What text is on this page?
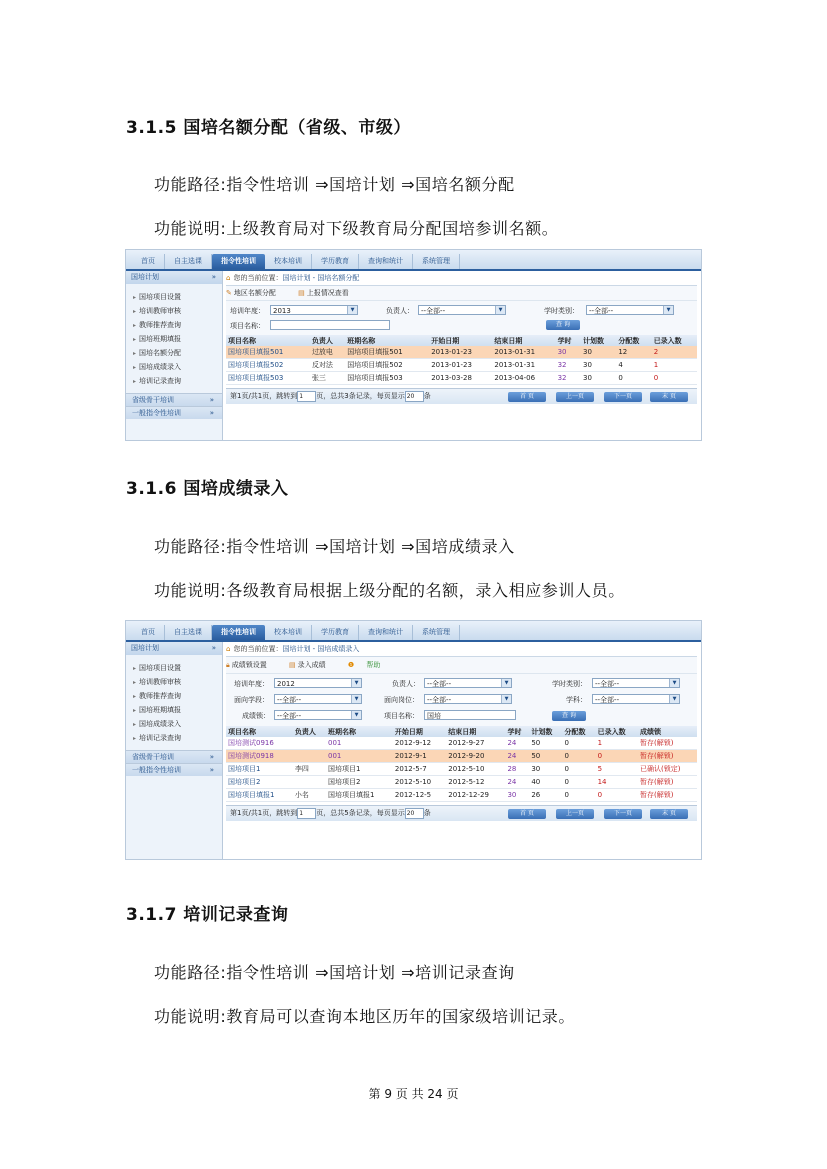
3.1.5 国培名额分配（省级、市级）
功能路径:指令性培训 ⇒国培计划 ⇒国培名额分配
功能说明:上级教育局对下级教育局分配国培参训名额。
首页	自主选课	指令性培训	校本培训	学历教育	查询和统计	系统管理
国培计划	»
▸ 国培项目设置
▸ 培训教师审核
▸ 教师推荐查询
▸ 国培班期填报
▸ 国培名额分配
▸ 国培成绩录入
▸ 培训记录查询
省级骨干培训	»
一般指令性培训	»
⌂ 您的当前位置：国培计划 - 国培名额分配
✎ 地区名额分配	▤ 上报情况查看
培训年度：	2013	▼	负责人：	--全部--	▼	学时类别：	--全部--	▼
项目名称：	查 询
项目名称	负责人	班期名称	开始日期	结束日期	学时	计划数	分配数	已录入数
国培项目填报501	过放电	国培项目填报501	2013-01-23	2013-01-31	30	30	12	2
国培项目填报502	反对法	国培项目填报502	2013-01-23	2013-01-31	32	30	4	1
国培项目填报503	张三	国培项目填报503	2013-03-28	2013-04-06	32	30	0	0
第1页/共1页，跳转到 1 页，总共3条记录，每页显示 20 条	首 页	上一页	下一页	末 页
3.1.6 国培成绩录入
功能路径:指令性培训 ⇒国培计划 ⇒国培成绩录入
功能说明:各级教育局根据上级分配的名额，录入相应参训人员。
首页	自主选课	指令性培训	校本培训	学历教育	查询和统计	系统管理
国培计划	»
▸ 国培项目设置
▸ 培训教师审核
▸ 教师推荐查询
▸ 国培班期填报
▸ 国培成绩录入
▸ 培训记录查询
省级骨干培训	»
一般指令性培训	»
⌂ 您的当前位置：国培计划 - 国培成绩录入
🔒︎ 成绩锁设置	▤ 录入成绩	❶ 帮助
培训年度：	2012	▼	负责人：	--全部--	▼	学时类别：	--全部--	▼
面向学段：	--全部--	▼	面向岗位：	--全部--	▼	学科：	--全部--	▼
成绩锁：	--全部--	▼	项目名称：	国培	查 询
项目名称	负责人	班期名称	开始日期	结束日期	学时	计划数	分配数	已录入数	成绩锁
国培测试0916		001	2012-9-12	2012-9-27	24	50	0	1	暂存(解锁)
国培测试0918		001	2012-9-1	2012-9-20	24	50	0	0	暂存(解锁)
国培项目1	李四	国培项目1	2012-5-7	2012-5-10	28	30	0	5	已确认(锁定)
国培项目2		国培项目2	2012-5-10	2012-5-12	24	40	0	14	暂存(解锁)
国培项目填报1	小名	国培项目填报1	2012-12-5	2012-12-29	30	26	0	0	暂存(解锁)
第1页/共1页，跳转到 1 页，总共5条记录，每页显示 20 条	首 页	上一页	下一页	末 页
3.1.7 培训记录查询
功能路径:指令性培训 ⇒国培计划 ⇒培训记录查询
功能说明:教育局可以查询本地区历年的国家级培训记录。
第 9 页 共 24 页
